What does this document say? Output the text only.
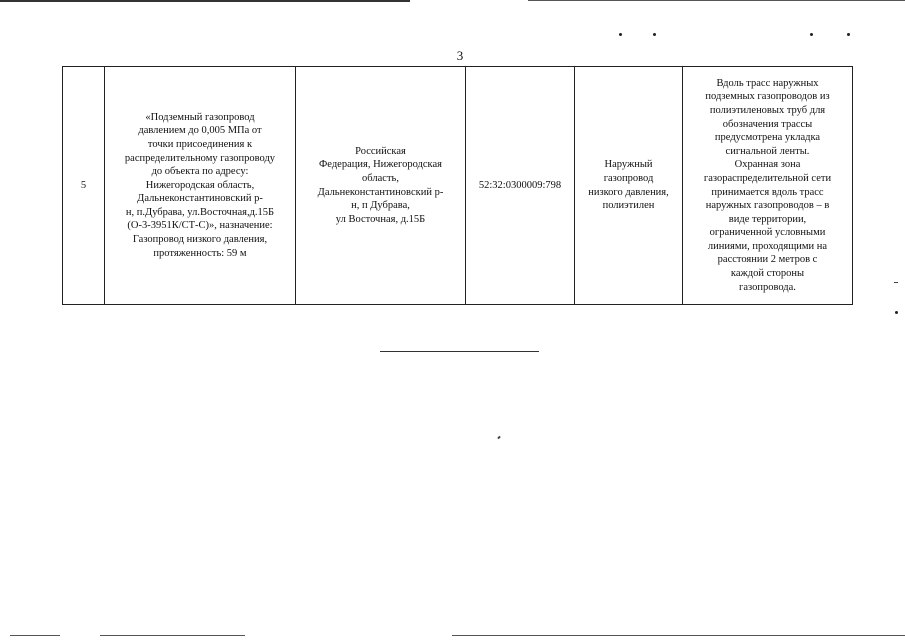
3
5	«Подземный газопровод
давлением до 0,005 МПа от
точки присоединения к
распределительному газопроводу
до объекта по адресу:
Нижегородская область,
Дальнеконстантиновский р-
н, п.Дубрава, ул.Восточная,д.15Б
(О-3-3951К/СТ-С)», назначение:
Газопровод низкого давления,
протяженность: 59 м	Российская
Федерация, Нижегородская
область,
Дальнеконстантиновский р-
н, п Дубрава,
ул Восточная, д.15Б	52:32:0300009:798	Наружный
газопровод
низкого давления,
полиэтилен	Вдоль трасс наружных
подземных газопроводов из
полиэтиленовых труб для
обозначения трассы
предусмотрена укладка
сигнальной ленты.
Охранная зона
газораспределительной сети
принимается вдоль трасс
наружных газопроводов – в
виде территории,
ограниченной условными
линиями, проходящими на
расстоянии 2 метров с
каждой стороны
газопровода.
